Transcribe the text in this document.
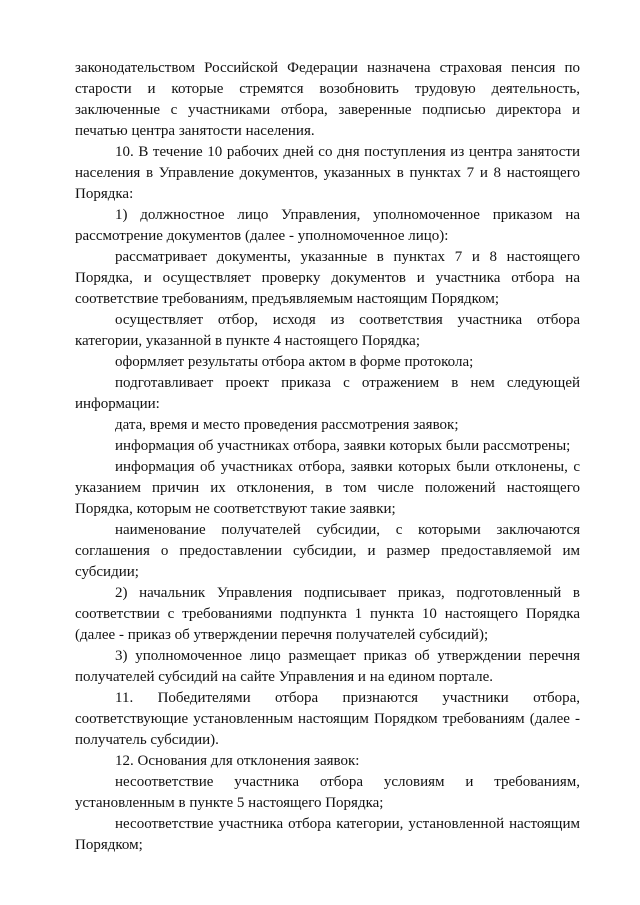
законодательством Российской Федерации назначена страховая пенсия по старости и которые стремятся возобновить трудовую деятельность, заключенные с участниками отбора, заверенные подписью директора и печатью центра занятости населения.

10. В течение 10 рабочих дней со дня поступления из центра занятости населения в Управление документов, указанных в пунктах 7 и 8 настоящего Порядка:

1) должностное лицо Управления, уполномоченное приказом на рассмотрение документов (далее - уполномоченное лицо):

рассматривает документы, указанные в пунктах 7 и 8 настоящего Порядка, и осуществляет проверку документов и участника отбора на соответствие требованиям, предъявляемым настоящим Порядком;

осуществляет отбор, исходя из соответствия участника отбора категории, указанной в пункте 4 настоящего Порядка;

оформляет результаты отбора актом в форме протокола;

подготавливает проект приказа с отражением в нем следующей информации:

дата, время и место проведения рассмотрения заявок;

информация об участниках отбора, заявки которых были рассмотрены;

информация об участниках отбора, заявки которых были отклонены, с указанием причин их отклонения, в том числе положений настоящего Порядка, которым не соответствуют такие заявки;

наименование получателей субсидии, с которыми заключаются соглашения о предоставлении субсидии, и размер предоставляемой им субсидии;

2) начальник Управления подписывает приказ, подготовленный в соответствии с требованиями подпункта 1 пункта 10 настоящего Порядка (далее - приказ об утверждении перечня получателей субсидий);

3) уполномоченное лицо размещает приказ об утверждении перечня получателей субсидий на сайте Управления и на едином портале.

11. Победителями отбора признаются участники отбора, соответствующие установленным настоящим Порядком требованиям (далее - получатель субсидии).

12. Основания для отклонения заявок:

несоответствие участника отбора условиям и требованиям, установленным в пункте 5 настоящего Порядка;

несоответствие участника отбора категории, установленной настоящим Порядком;
